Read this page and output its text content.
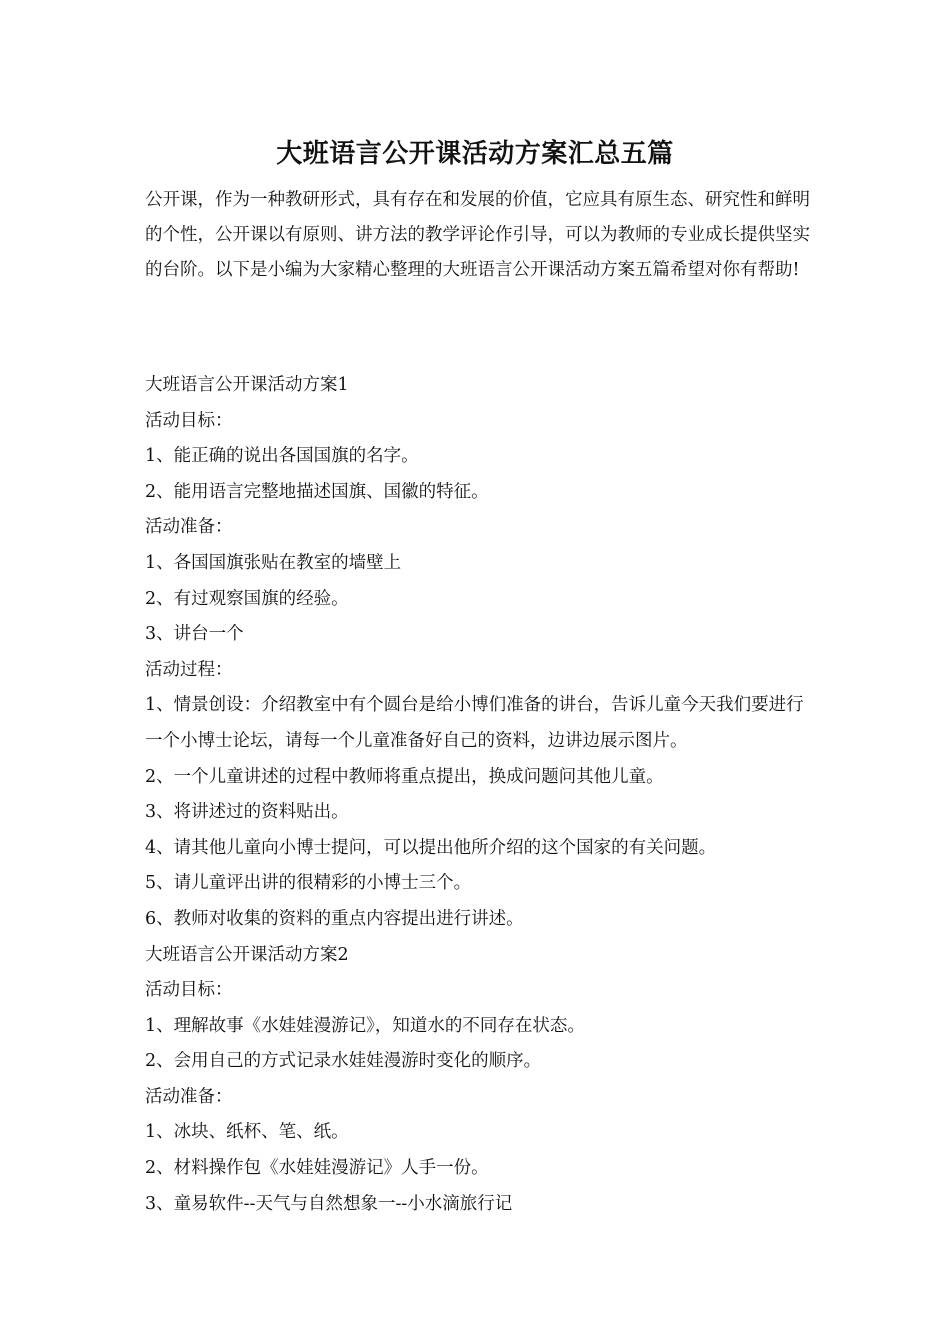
大班语言公开课活动方案汇总五篇

公开课，作为一种教研形式，具有存在和发展的价值，它应具有原生态、研究性和鲜明的个性，公开课以有原则、讲方法的教学评论作引导，可以为教师的专业成长提供坚实的台阶。以下是小编为大家精心整理的大班语言公开课活动方案五篇希望对你有帮助!

大班语言公开课活动方案1

活动目标：

1、能正确的说出各国国旗的名字。

2、能用语言完整地描述国旗、国徽的特征。

活动准备：

1、各国国旗张贴在教室的墙壁上

2、有过观察国旗的经验。

3、讲台一个

活动过程：

1、情景创设：介绍教室中有个圆台是给小博们准备的讲台，告诉儿童今天我们要进行一个小博士论坛，请每一个儿童准备好自己的资料，边讲边展示图片。

2、一个儿童讲述的过程中教师将重点提出，换成问题问其他儿童。

3、将讲述过的资料贴出。

4、请其他儿童向小博士提问，可以提出他所介绍的这个国家的有关问题。

5、请儿童评出讲的很精彩的小博士三个。

6、教师对收集的资料的重点内容提出进行讲述。

大班语言公开课活动方案2

活动目标：

1、理解故事《水娃娃漫游记》，知道水的不同存在状态。

2、会用自己的方式记录水娃娃漫游时变化的顺序。

活动准备：

1、冰块、纸杯、笔、纸。

2、材料操作包《水娃娃漫游记》人手一份。

3、童易软件--天气与自然想象一--小水滴旅行记
